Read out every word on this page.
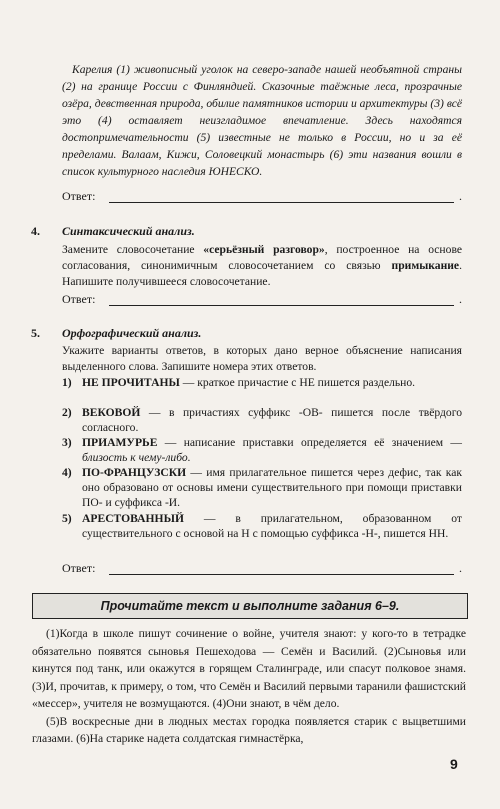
Карелия (1) живописный уголок на северо-западе нашей необъятной страны (2) на границе России с Финляндией. Сказочные таёжные леса, прозрачные озёра, девственная природа, обилие памятников истории и архитектуры (3) всё это (4) оставляет неизгладимое впечатление. Здесь находятся достопримечательности (5) известные не только в России, но и за её пределами. Валаам, Кижи, Соловецкий монастырь (6) эти названия вошли в список культурного наследия ЮНЕСКО.
Ответ:	.
4. Синтаксический анализ.
Замените словосочетание «серьёзный разговор», построенное на основе согласования, синонимичным словосочетанием со связью примыкание. Напишите получившееся словосочетание.
Ответ:	.
5. Орфографический анализ.
Укажите варианты ответов, в которых дано верное объяснение написания выделенного слова. Запишите номера этих ответов.
1) НЕ ПРОЧИТАНЫ — краткое причастие с НЕ пишется раздельно.
2) ВЕКОВОЙ — в причастиях суффикс -ОВ- пишется после твёрдого согласного.
3) ПРИАМУРЬЕ — написание приставки определяется её значением — близость к чему-либо.
4) ПО-ФРАНЦУЗСКИ — имя прилагательное пишется через дефис, так как оно образовано от основы имени существительного при помощи приставки ПО- и суффикса -И.
5) АРЕСТОВАННЫЙ — в прилагательном, образованном от существительного с основой на Н с помощью суффикса -Н-, пишется НН.
Ответ:	.
Прочитайте текст и выполните задания 6–9.

(1)Когда в школе пишут сочинение о войне, учителя знают: у кого-то в тетрадке обязательно появятся сыновья Пешеходова — Семён и Василий. (2)Сыновья или кинутся под танк, или окажутся в горящем Сталинграде, или спасут полковое знамя. (3)И, прочитав, к примеру, о том, что Семён и Василий первыми таранили фашистский «мессер», учителя не возмущаются. (4)Они знают, в чём дело.

(5)В воскресные дни в людных местах городка появляется старик с выцветшими глазами. (6)На старике надета солдатская гимнастёрка,

9
